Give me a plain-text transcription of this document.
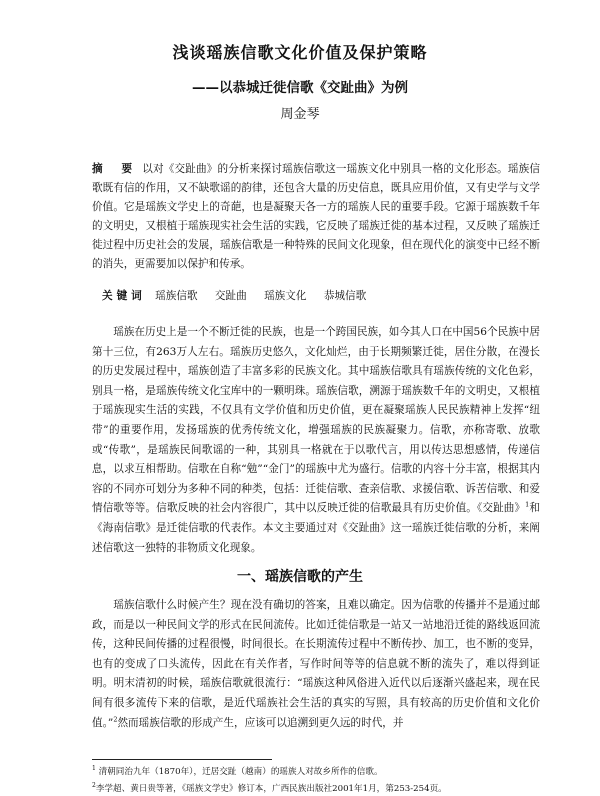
浅谈瑶族信歌文化价值及保护策略
——以恭城迁徙信歌《交趾曲》为例
周金琴
摘　要 以对《交趾曲》的分析来探讨瑶族信歌这一瑶族文化中别具一格的文化形态。瑶族信歌既有信的作用，又不缺歌谣的韵律，还包含大量的历史信息，既具应用价值，又有史学与文学价值。它是瑶族文学史上的奇葩，也是凝聚天各一方的瑶族人民的重要手段。它源于瑶族数千年的文明史，又根植于瑶族现实社会生活的实践，它反映了瑶族迁徙的基本过程，又反映了瑶族迁徙过程中历史社会的发展，瑶族信歌是一种特殊的民间文化现象，但在现代化的演变中已经不断的消失，更需要加以保护和传承。
关键词 瑶族信歌 交趾曲 瑶族文化 恭城信歌
瑶族在历史上是一个不断迁徙的民族，也是一个跨国民族，如今其人口在中国56个民族中居第十三位，有263万人左右。瑶族历史悠久，文化灿烂，由于长期频繁迁徙，居住分散，在漫长的历史发展过程中，瑶族创造了丰富多彩的民族文化。其中瑶族信歌具有瑶族传统的文化色彩，别具一格，是瑶族传统文化宝库中的一颗明珠。瑶族信歌，溯源于瑶族数千年的文明史，又根植于瑶族现实生活的实践，不仅具有文学价值和历史价值，更在凝聚瑶族人民民族精神上发挥“纽带”的重要作用，发扬瑶族的优秀传统文化，增强瑶族的民族凝聚力。信歌，亦称寄歌、放歌或“传歌”，是瑶族民间歌谣的一种，其别具一格就在于以歌代言，用以传达思想感情，传递信息，以求互相帮助。信歌在自称“勉”“金门”的瑶族中尤为盛行。信歌的内容十分丰富，根据其内容的不同亦可划分为多种不同的种类，包括：迁徙信歌、查亲信歌、求援信歌、诉苦信歌、和爱情信歌等等。信歌反映的社会内容很广，其中以反映迁徙的信歌最具有历史价值。《交趾曲》$^1$和《海南信歌》是迁徙信歌的代表作。本文主要通过对《交趾曲》这一瑶族迁徙信歌的分析，来阐述信歌这一独特的非物质文化现象。
一、瑶族信歌的产生
瑶族信歌什么时候产生？现在没有确切的答案，且难以确定。因为信歌的传播并不是通过邮政，而是以一种民间文学的形式在民间流传。比如迁徙信歌是一站又一站地沿迁徙的路线返回流传，这种民间传播的过程很慢，时间很长。在长期流传过程中不断传抄、加工，也不断的变异，也有的变成了口头流传，因此在有关作者，写作时间等等的信息就不断的流失了，难以得到证明。明末清初的时候，瑶族信歌就很流行：“瑶族这种风俗进入近代以后逐渐兴盛起来，现在民间有很多流传下来的信歌，是近代瑶族社会生活的真实的写照，具有较高的历史价值和文化价值。”$^2$然而瑶族信歌的形成产生，应该可以追溯到更久远的时代，并
$^1$ 清朝同治九年（1870年），迁居交趾（越南）的瑶族人对故乡所作的信歌。
$^2$李学超、黄日贵等著，《瑶族文学史》修订本，广西民族出版社2001年1月，第253-254页。
